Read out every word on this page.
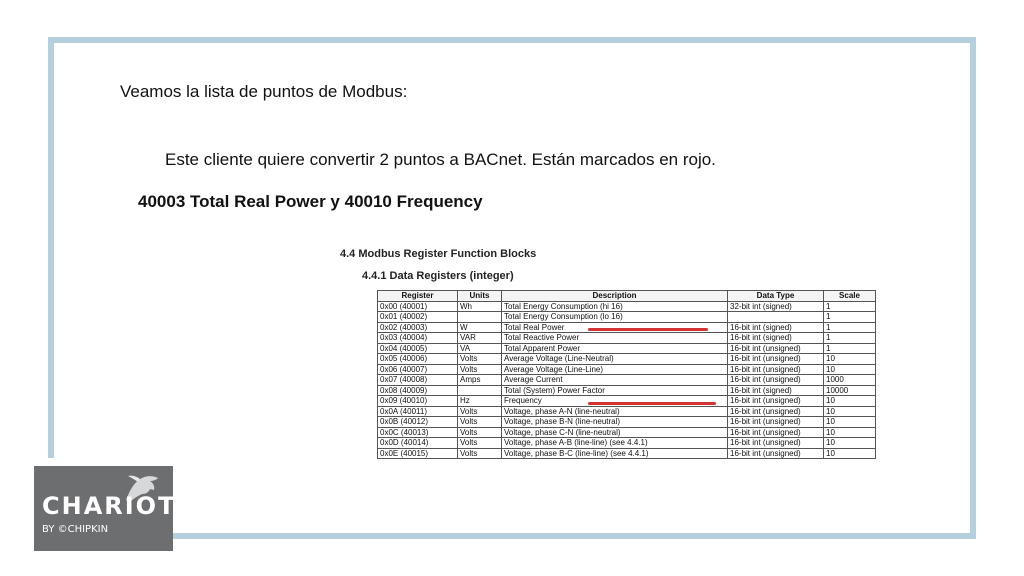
Veamos la lista de puntos de Modbus:
Este cliente quiere convertir 2 puntos a BACnet. Están marcados en rojo.
40003 Total Real Power y 40010 Frequency
4.4 Modbus Register Function Blocks
4.4.1 Data Registers (integer)
Register	Units	Description	Data Type	Scale
0x00 (40001)	Wh	Total Energy Consumption (hi 16)	32-bit int (signed)	1
0x01 (40002)		Total Energy Consumption (lo 16)		1
0x02 (40003)	W	Total Real Power	16-bit int (signed)	1
0x03 (40004)	VAR	Total Reactive Power	16-bit int (signed)	1
0x04 (40005)	VA	Total Apparent Power	16-bit int (unsigned)	1
0x05 (40006)	Volts	Average Voltage (Line-Neutral)	16-bit int (unsigned)	10
0x06 (40007)	Volts	Average Voltage (Line-Line)	16-bit int (unsigned)	10
0x07 (40008)	Amps	Average Current	16-bit int (unsigned)	1000
0x08 (40009)		Total (System) Power Factor	16-bit int (signed)	10000
0x09 (40010)	Hz	Frequency	16-bit int (unsigned)	10
0x0A (40011)	Volts	Voltage, phase A-N (line-neutral)	16-bit int (unsigned)	10
0x0B (40012)	Volts	Voltage, phase B-N (line-neutral)	16-bit int (unsigned)	10
0x0C (40013)	Volts	Voltage, phase C-N (line-neutral)	16-bit int (unsigned)	10
0x0D (40014)	Volts	Voltage, phase A-B (line-line) (see 4.4.1)	16-bit int (unsigned)	10
0x0E (40015)	Volts	Voltage, phase B-C (line-line) (see 4.4.1)	16-bit int (unsigned)	10
CHARIOT
BY ©CHIPKIN
